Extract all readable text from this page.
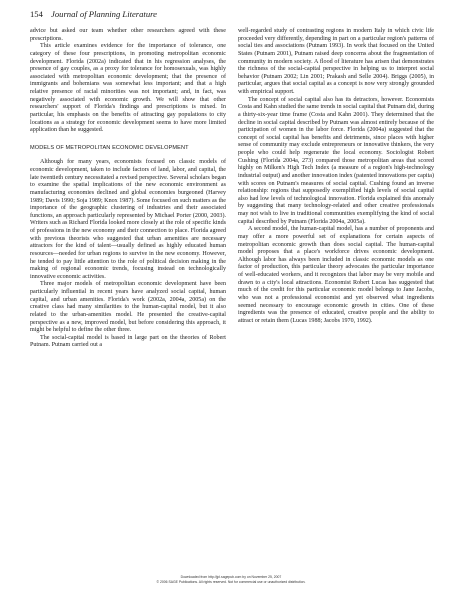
154 Journal of Planning Literature

advice but asked our team whether other researchers agreed with these prescriptions.

This article examines evidence for the importance of tolerance, one category of these four prescriptions, in promoting metropolitan economic development. Florida (2002a) indicated that in his regression analyses, the presence of gay couples, as a proxy for tolerance for homosexuals, was highly associated with metropolitan economic development; that the presence of immigrants and bohemians was somewhat less important; and that a high relative presence of racial minorities was not important; and, in fact, was negatively associated with economic growth. We will show that other researchers' support of Florida's findings and prescriptions is mixed. In particular, his emphasis on the benefits of attracting gay populations to city locations as a strategy for economic development seems to have more limited application than he suggested.

MODELS OF METROPOLITAN ECONOMIC DEVELOPMENT

Although for many years, economists focused on classic models of economic development, taken to include factors of land, labor, and capital, the late twentieth century necessitated a revised perspective. Several scholars began to examine the spatial implications of the new economic environment as manufacturing economies declined and global economies burgeoned (Harvey 1989; Davis 1990; Soja 1989; Knox 1987). Some focused on such matters as the importance of the geographic clustering of industries and their associated functions, an approach particularly represented by Michael Porter (2000, 2003). Writers such as Richard Florida looked more closely at the role of specific kinds of professions in the new economy and their connection to place. Florida agreed with previous theorists who suggested that urban amenities are necessary attractors for the kind of talent—usually defined as highly educated human resources—needed for urban regions to survive in the new economy. However, he tended to pay little attention to the role of political decision making in the making of regional economic trends, focusing instead on technologically innovative economic activities.

Three major models of metropolitan economic development have been particularly influential in recent years have analyzed social capital, human capital, and urban amenities. Florida's work (2002a, 2004a, 2005a) on the creative class had many similarities to the human-capital model, but it also related to the urban-amenities model. He presented the creative-capital perspective as a new, improved model, but before considering this approach, it might be helpful to define the other three.

The social-capital model is based in large part on the theories of Robert Putnam. Putnam carried out a

well-regarded study of contrasting regions in modern Italy in which civic life proceeded very differently, depending in part on a particular region's patterns of social ties and associations (Putnam 1993). In work that focused on the United States (Putnam 2001), Putnam raised deep concerns about the fragmentation of community in modern society. A flood of literature has arisen that demonstrates the richness of the social-capital perspective in helping us to interpret social behavior (Putnam 2002; Lin 2001; Prakash and Selle 2004). Briggs (2005), in particular, argues that social capital as a concept is now very strongly grounded with empirical support.

The concept of social capital also has its detractors, however. Economists Costa and Kahn studied the same trends in social capital that Putnam did, during a thirty-six-year time frame (Costa and Kahn 2001). They determined that the decline in social capital described by Putnam was almost entirely because of the participation of women in the labor force. Florida (2004a) suggested that the concept of social capital has benefits and detriments, since places with higher sense of community may exclude entrepreneurs or innovative thinkers, the very people who could help regenerate the local economy. Sociologist Robert Cushing (Florida 2004a, 273) compared those metropolitan areas that scored highly on Milken's High Tech Index (a measure of a region's high-technology industrial output) and another innovation index (patented innovations per capita) with scores on Putnam's measures of social capital. Cushing found an inverse relationship: regions that supposedly exemplified high levels of social capital also had low levels of technological innovation. Florida explained this anomaly by suggesting that many technology-related and other creative professionals may not wish to live in traditional communities exemplifying the kind of social capital described by Putnam (Florida 2004a, 2005a).

A second model, the human-capital model, has a number of proponents and may offer a more powerful set of explanations for certain aspects of metropolitan economic growth than does social capital. The human-capital model proposes that a place's workforce drives economic development. Although labor has always been included in classic economic models as one factor of production, this particular theory advocates the particular importance of well-educated workers, and it recognizes that labor may be very mobile and drawn to a city's local attractions. Economist Robert Lucas has suggested that much of the credit for this particular economic model belongs to Jane Jacobs, who was not a professional economist and yet observed what ingredients seemed necessary to encourage economic growth in cities. One of these ingredients was the presence of educated, creative people and the ability to attract or retain them (Lucas 1988; Jacobs 1970, 1992).

Downloaded from http://jpl.sagepub.com by on November 25, 2007
© 2006 SAGE Publications. All rights reserved. Not for commercial use or unauthorized distribution.
